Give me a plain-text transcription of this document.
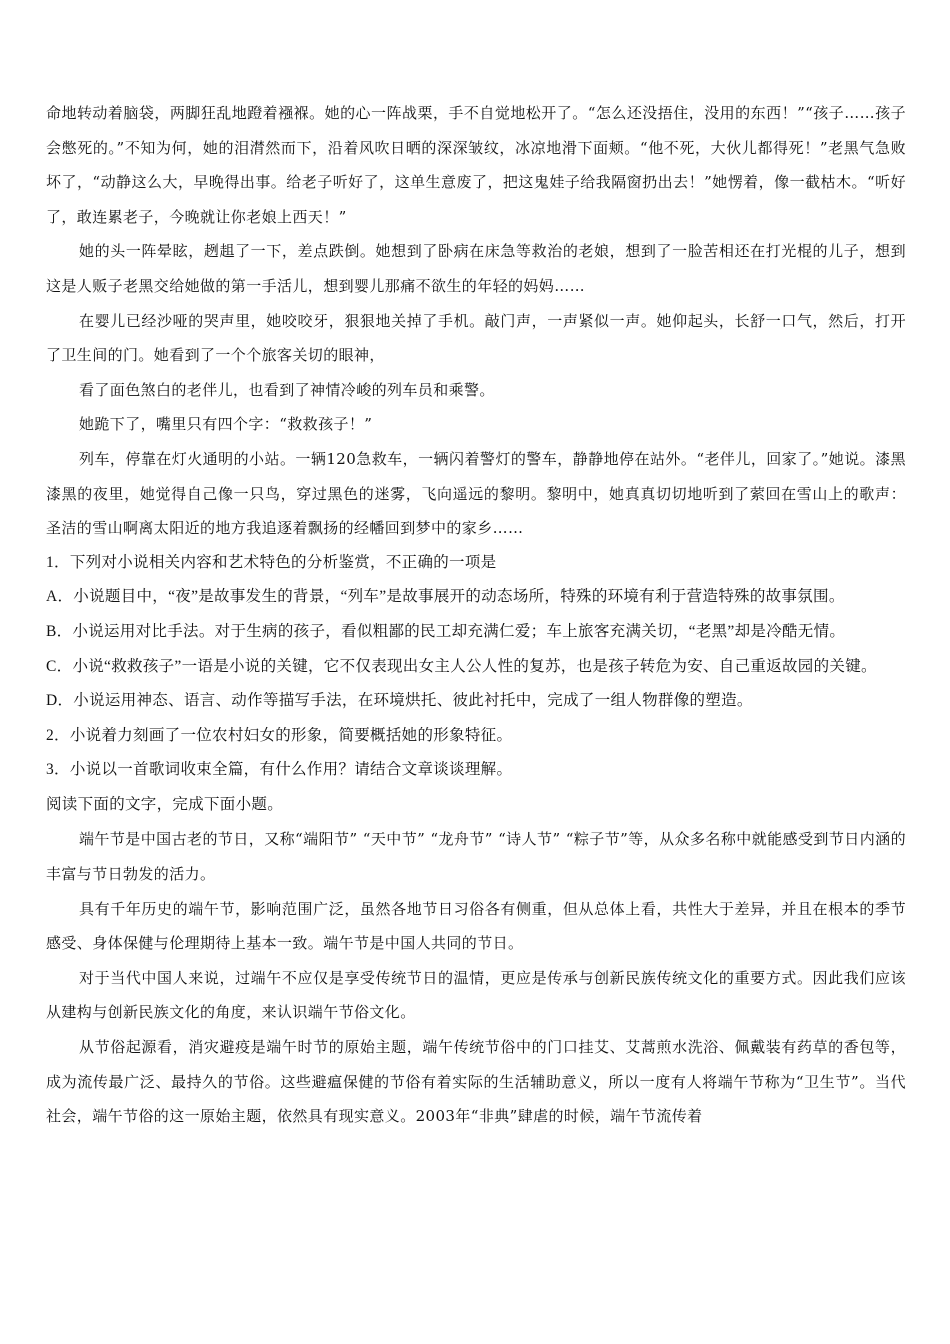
命地转动着脑袋，两脚狂乱地蹬着襁褓。她的心一阵战栗，手不自觉地松开了。“怎么还没捂住，没用的东西！”“孩子……孩子会憋死的。”不知为何，她的泪潸然而下，沿着风吹日晒的深深皱纹，冰凉地滑下面颊。“他不死，大伙儿都得死！”老黑气急败坏了，“动静这么大，早晚得出事。给老子听好了，这单生意废了，把这鬼娃子给我隔窗扔出去！”她愣着，像一截枯木。“听好了，敢连累老子，今晚就让你老娘上西天！”

她的头一阵晕眩，趔趄了一下，差点跌倒。她想到了卧病在床急等救治的老娘，想到了一脸苦相还在打光棍的儿子，想到这是人贩子老黑交给她做的第一手活儿，想到婴儿那痛不欲生的年轻的妈妈……

在婴儿已经沙哑的哭声里，她咬咬牙，狠狠地关掉了手机。敲门声，一声紧似一声。她仰起头，长舒一口气，然后，打开了卫生间的门。她看到了一个个旅客关切的眼神，

看了面色煞白的老伴儿，也看到了神情冷峻的列车员和乘警。

她跪下了，嘴里只有四个字：“救救孩子！”

列车，停靠在灯火通明的小站。一辆120急救车，一辆闪着警灯的警车，静静地停在站外。“老伴儿，回家了。”她说。漆黑漆黑的夜里，她觉得自己像一只鸟，穿过黑色的迷雾，飞向遥远的黎明。黎明中，她真真切切地听到了萦回在雪山上的歌声：圣洁的雪山啊离太阳近的地方我追逐着飘扬的经幡回到梦中的家乡……

1．下列对小说相关内容和艺术特色的分析鉴赏，不正确的一项是

A．小说题目中，“夜”是故事发生的背景，“列车”是故事展开的动态场所，特殊的环境有利于营造特殊的故事氛围。

B．小说运用对比手法。对于生病的孩子，看似粗鄙的民工却充满仁爱；车上旅客充满关切，“老黑”却是冷酷无情。

C．小说“救救孩子”一语是小说的关键，它不仅表现出女主人公人性的复苏，也是孩子转危为安、自己重返故园的关键。

D．小说运用神态、语言、动作等描写手法，在环境烘托、彼此衬托中，完成了一组人物群像的塑造。

2．小说着力刻画了一位农村妇女的形象，简要概括她的形象特征。

3．小说以一首歌词收束全篇，有什么作用？请结合文章谈谈理解。

阅读下面的文字，完成下面小题。

端午节是中国古老的节日，又称“端阳节” “天中节” “龙舟节” “诗人节” “粽子节”等，从众多名称中就能感受到节日内涵的丰富与节日勃发的活力。

具有千年历史的端午节，影响范围广泛，虽然各地节日习俗各有侧重，但从总体上看，共性大于差异，并且在根本的季节感受、身体保健与伦理期待上基本一致。端午节是中国人共同的节日。

对于当代中国人来说，过端午不应仅是享受传统节日的温情，更应是传承与创新民族传统文化的重要方式。因此我们应该从建构与创新民族文化的角度，来认识端午节俗文化。

从节俗起源看，消灾避疫是端午时节的原始主题，端午传统节俗中的门口挂艾、艾蒿煎水洗浴、佩戴装有药草的香包等，成为流传最广泛、最持久的节俗。这些避瘟保健的节俗有着实际的生活辅助意义，所以一度有人将端午节称为“卫生节”。当代社会，端午节俗的这一原始主题，依然具有现实意义。2003年“非典”肆虐的时候，端午节流传着
